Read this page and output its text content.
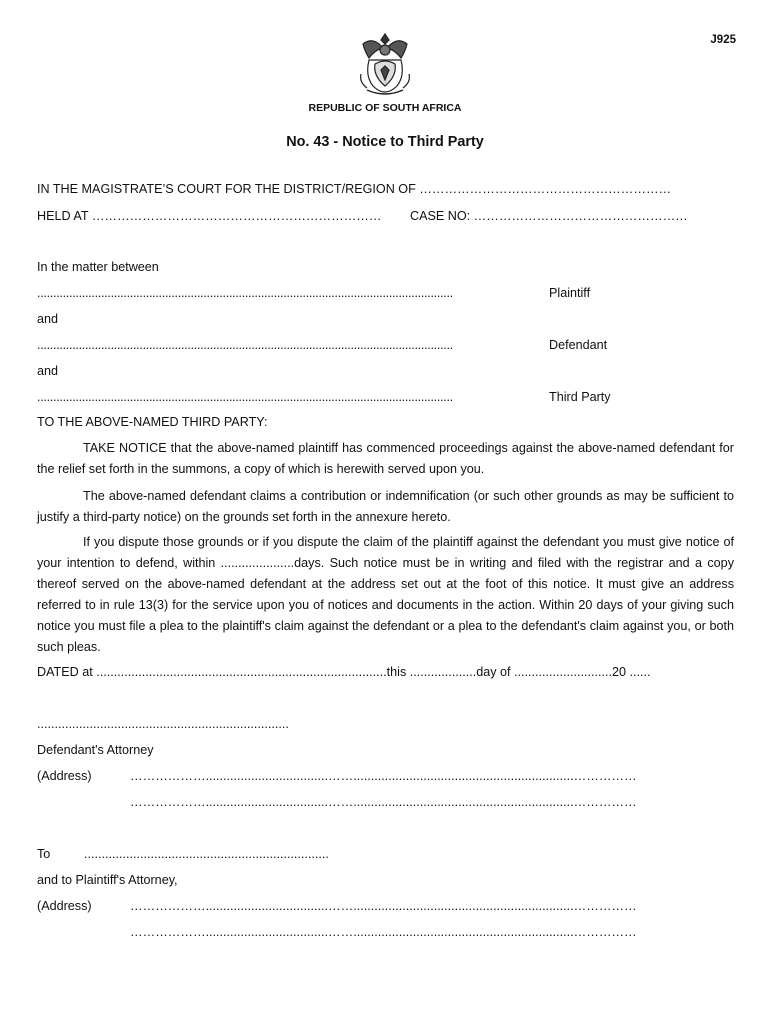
J925
REPUBLIC OF SOUTH AFRICA
No. 43 - Notice to Third Party
IN THE MAGISTRATE’S COURT FOR THE DISTRICT/REGION OF ……………………………………………………
HELD AT …………………………………………………………… CASE NO: ……………………………………………
In the matter between
..................................................................................................................................	Plaintiff
and
..................................................................................................................................	Defendant
and
..................................................................................................................................	Third Party
TO THE ABOVE-NAMED THIRD PARTY:
TAKE NOTICE that the above-named plaintiff has commenced proceedings against the above-named defendant for the relief set forth in the summons, a copy of which is herewith served upon you.
The above-named defendant claims a contribution or indemnification (or such other grounds as may be sufficient to justify a third-party notice) on the grounds set forth in the annexure hereto.
If you dispute those grounds or if you dispute the claim of the plaintiff against the defendant you must give notice of your intention to defend, within .....................days. Such notice must be in writing and filed with the registrar and a copy thereof served on the above-named defendant at the address set out at the foot of this notice. It must give an address referred to in rule 13(3) for the service upon you of notices and documents in the action. Within 20 days of your giving such notice you must file a plea to the plaintiff's claim against the defendant or a plea to the defendant's claim against you, or both such pleas.
DATED at ...................................................................................this ...................day of ............................20 ......
........................................................................
Defendant's Attorney
(Address)	………………...................................……...............................................................……………
………………...................................……...............................................................……………
To	......................................................................
and to Plaintiff's Attorney,
(Address)	………………...................................……...............................................................……………
………………...................................……...............................................................……………
